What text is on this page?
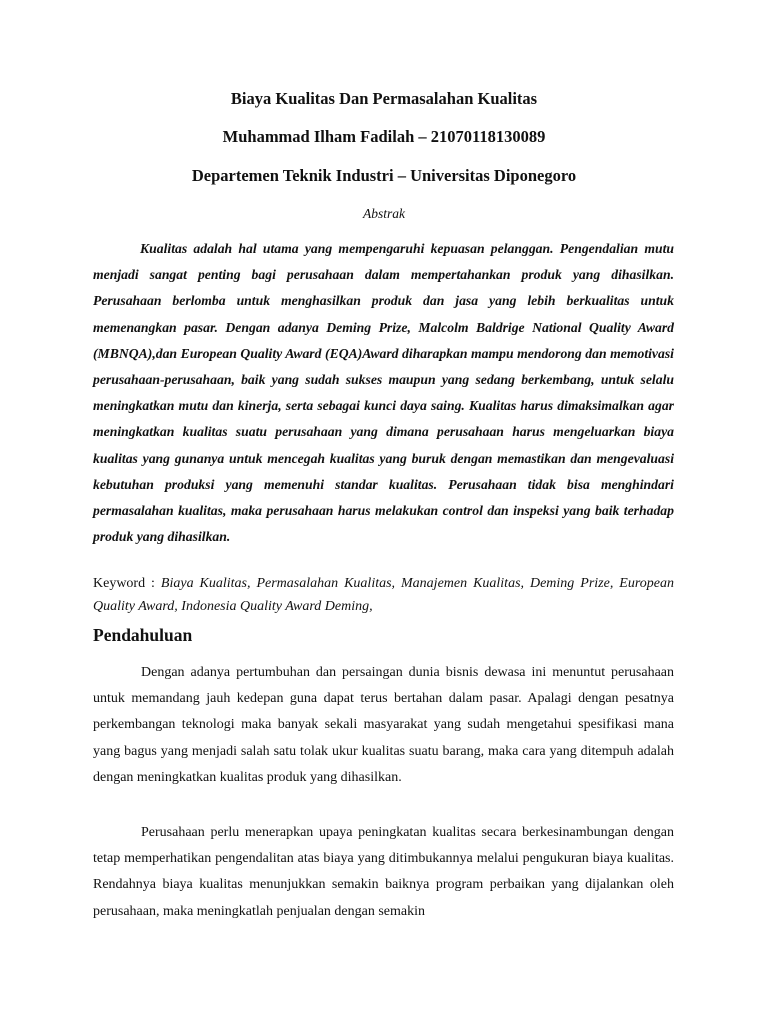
Biaya Kualitas Dan Permasalahan Kualitas
Muhammad Ilham Fadilah – 21070118130089
Departemen Teknik Industri – Universitas Diponegoro
Abstrak

Kualitas adalah hal utama yang mempengaruhi kepuasan pelanggan. Pengendalian mutu menjadi sangat penting bagi perusahaan dalam mempertahankan produk yang dihasilkan. Perusahaan berlomba untuk menghasilkan produk dan jasa yang lebih berkualitas untuk memenangkan pasar. Dengan adanya Deming Prize, Malcolm Baldrige National Quality Award (MBNQA),dan European Quality Award (EQA)Award diharapkan mampu mendorong dan memotivasi perusahaan-perusahaan, baik yang sudah sukses maupun yang sedang berkembang, untuk selalu meningkatkan mutu dan kinerja, serta sebagai kunci daya saing. Kualitas harus dimaksimalkan agar meningkatkan kualitas suatu perusahaan yang dimana perusahaan harus mengeluarkan biaya kualitas yang gunanya untuk mencegah kualitas yang buruk dengan memastikan dan mengevaluasi kebutuhan produksi yang memenuhi standar kualitas. Perusahaan tidak bisa menghindari permasalahan kualitas, maka perusahaan harus melakukan control dan inspeksi yang baik terhadap produk yang dihasilkan.

Keyword : Biaya Kualitas, Permasalahan Kualitas, Manajemen Kualitas, Deming Prize, European Quality Award, Indonesia Quality Award Deming,

Pendahuluan

Dengan adanya pertumbuhan dan persaingan dunia bisnis dewasa ini menuntut perusahaan untuk memandang jauh kedepan guna dapat terus bertahan dalam pasar. Apalagi dengan pesatnya perkembangan teknologi maka banyak sekali masyarakat yang sudah mengetahui spesifikasi mana yang bagus yang menjadi salah satu tolak ukur kualitas suatu barang, maka cara yang ditempuh adalah dengan meningkatkan kualitas produk yang dihasilkan.

Perusahaan perlu menerapkan upaya peningkatan kualitas secara berkesinambungan dengan tetap memperhatikan pengendalitan atas biaya yang ditimbukannya melalui pengukuran biaya kualitas. Rendahnya biaya kualitas menunjukkan semakin baiknya program perbaikan yang dijalankan oleh perusahaan, maka meningkatlah penjualan dengan semakin
